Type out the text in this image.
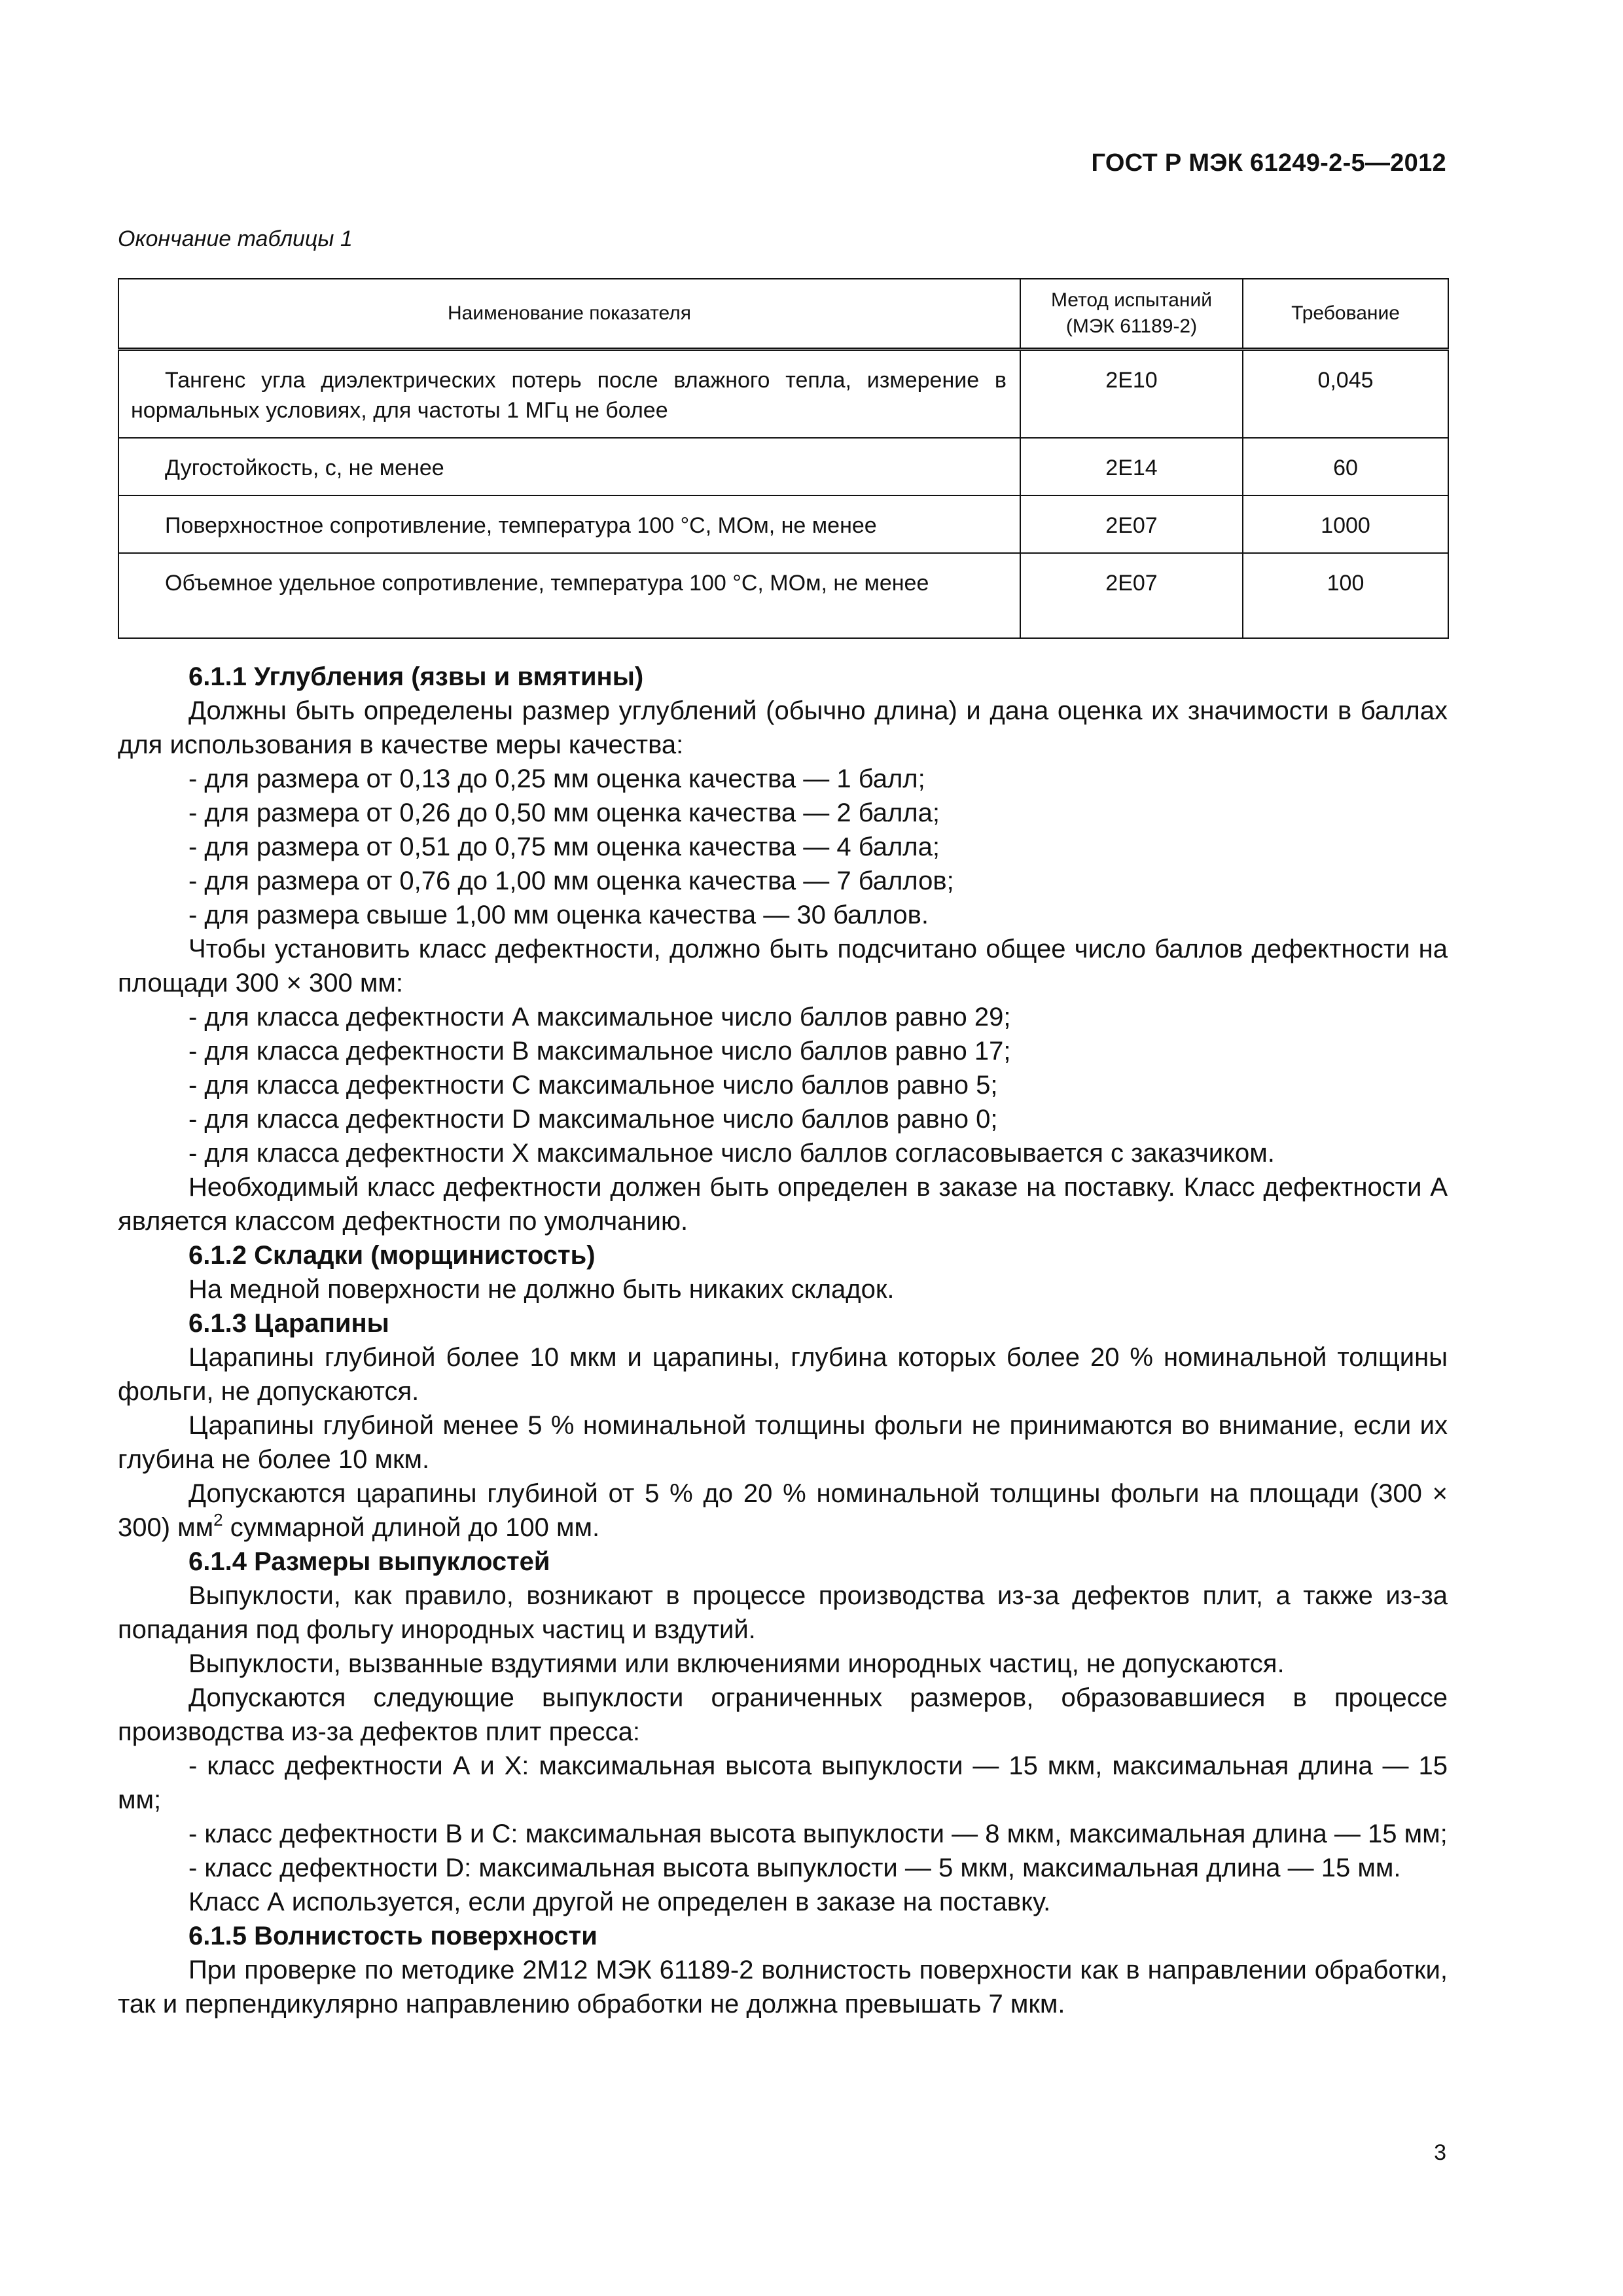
ГОСТ Р МЭК 61249-2-5—2012
Окончание таблицы 1
Наименование показателя	Метод испытаний (МЭК 61189-2)	Требование
Тангенс угла диэлектрических потерь после влажного тепла, измерение в нормальных условиях, для частоты 1 МГц не более	2E10	0,045
Дугостойкость, с, не менее	2E14	60
Поверхностное сопротивление, температура 100 °С, МОм, не менее	2E07	1000
Объемное удельное сопротивление, температура 100 °С, МОм, не менее	2E07	100

6.1.1 Углубления (язвы и вмятины)

Должны быть определены размер углублений (обычно длина) и дана оценка их значимости в баллах для использования в качестве меры качества:

- для размера от 0,13 до 0,25 мм оценка качества — 1 балл;

- для размера от 0,26 до 0,50 мм оценка качества — 2 балла;

- для размера от 0,51 до 0,75 мм оценка качества — 4 балла;

- для размера от 0,76 до 1,00 мм оценка качества — 7 баллов;

- для размера свыше 1,00 мм оценка качества — 30 баллов.

Чтобы установить класс дефектности, должно быть подсчитано общее число баллов дефектности на площади 300 × 300 мм:

- для класса дефектности А максимальное число баллов равно 29;

- для класса дефектности В максимальное число баллов равно 17;

- для класса дефектности С максимальное число баллов равно 5;

- для класса дефектности D максимальное число баллов равно 0;

- для класса дефектности X максимальное число баллов согласовывается с заказчиком.

Необходимый класс дефектности должен быть определен в заказе на поставку. Класс дефектности А является классом дефектности по умолчанию.

6.1.2 Складки (морщинистость)

На медной поверхности не должно быть никаких складок.

6.1.3 Царапины

Царапины глубиной более 10 мкм и царапины, глубина которых более 20 % номинальной толщины фольги, не допускаются.

Царапины глубиной менее 5 % номинальной толщины фольги не принимаются во внимание, если их глубина не более 10 мкм.

Допускаются царапины глубиной от 5 % до 20 % номинальной толщины фольги на площади (300 × 300) $мм^2$ суммарной длиной до 100 мм.

6.1.4 Размеры выпуклостей

Выпуклости, как правило, возникают в процессе производства из-за дефектов плит, а также из-за попадания под фольгу инородных частиц и вздутий.

Выпуклости, вызванные вздутиями или включениями инородных частиц, не допускаются.

Допускаются следующие выпуклости ограниченных размеров, образовавшиеся в процессе производства из-за дефектов плит пресса:

- класс дефектности А и X: максимальная высота выпуклости — 15 мкм, максимальная длина — 15 мм;

- класс дефектности В и С: максимальная высота выпуклости — 8 мкм, максимальная длина — 15 мм;

- класс дефектности D: максимальная высота выпуклости — 5 мкм, максимальная длина — 15 мм.

Класс А используется, если другой не определен в заказе на поставку.

6.1.5 Волнистость поверхности

При проверке по методике 2М12 МЭК 61189-2 волнистость поверхности как в направлении обработки, так и перпендикулярно направлению обработки не должна превышать 7 мкм.

3
